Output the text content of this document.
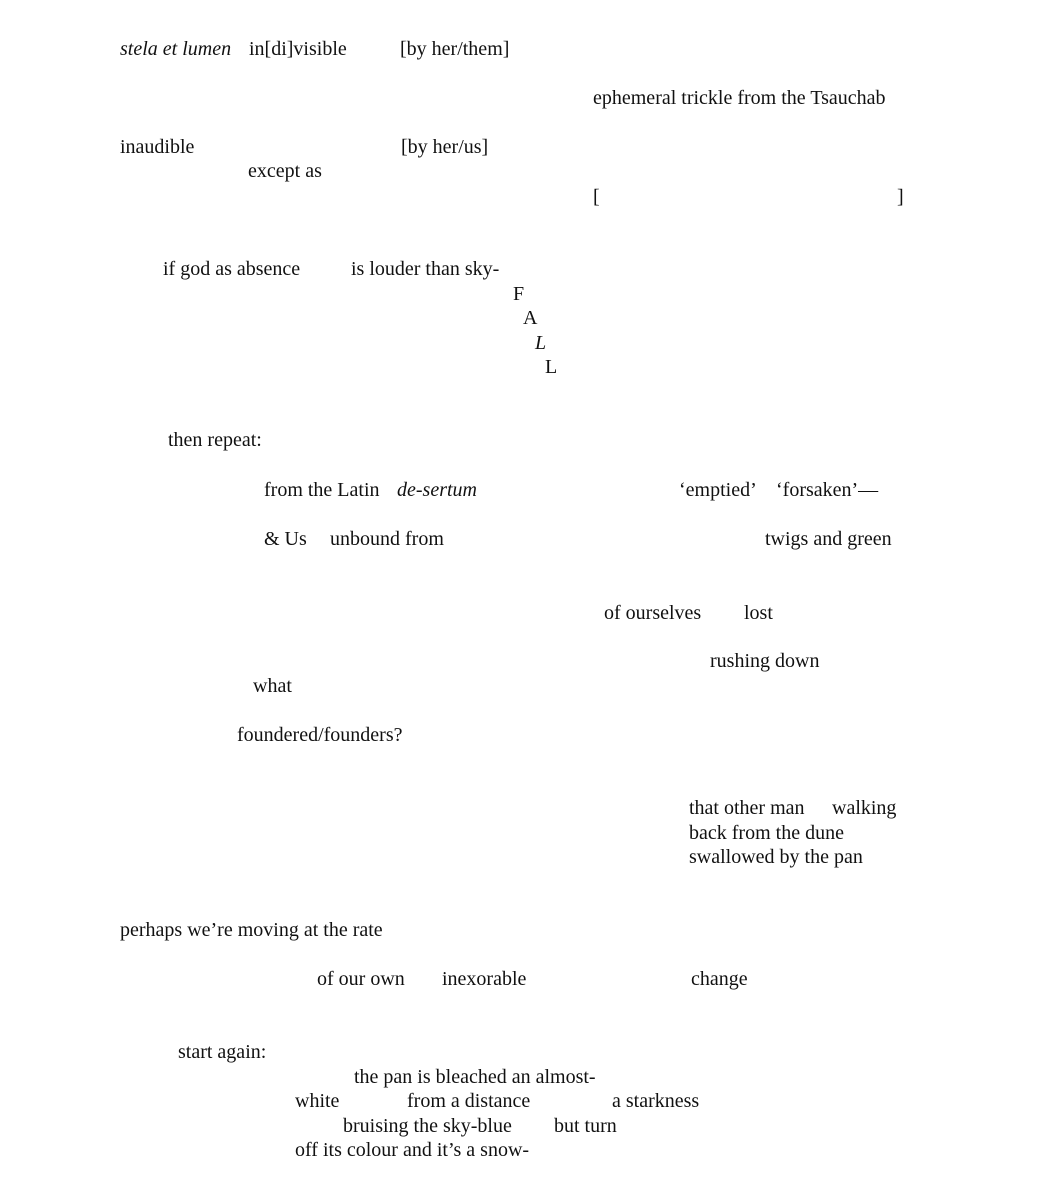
stela et lumen in[di]visible	[by her/them]
ephemeral trickle from the Tsauchab
inaudible	[by her/us]
except as
[	]
if god as absence	is louder than sky-
F
A
L
L
then repeat:
from the Latin de-sertum	‘emptied’ ‘forsaken’—
& Us unbound from	twigs and green
of ourselves lost
rushing down
what
foundered/founders?
that other man walking
back from the dune
swallowed by the pan
perhaps we’re moving at the rate
of our own inexorable	change
start again:
the pan is bleached an almost-
white	from a distance	a starkness
bruising the sky-blue but turn
off its colour and it’s a snow-
